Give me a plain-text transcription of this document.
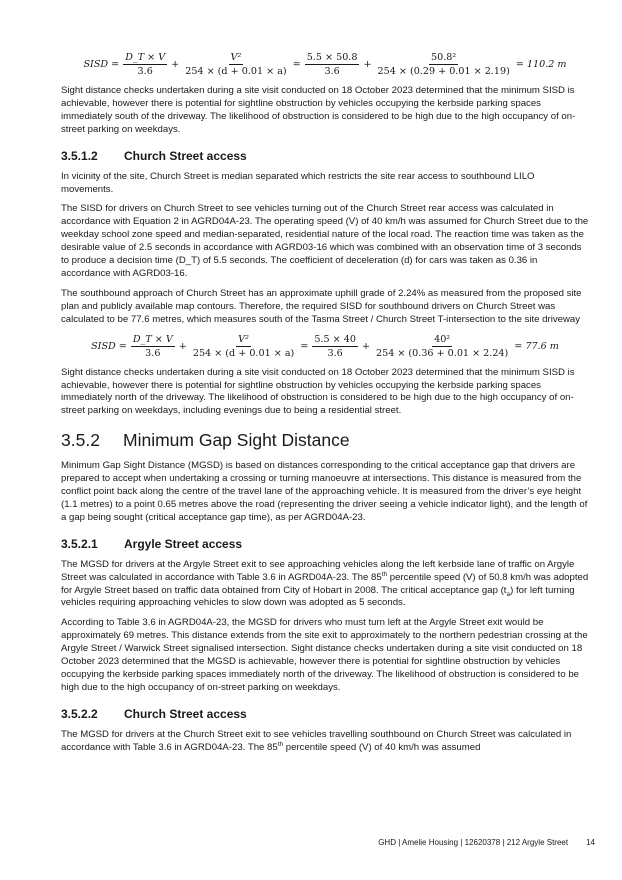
SISD = $\frac{D\_T \times V}{3.6} + \frac{\text{V²}}{254 \times (d + 0.01 \times a)} = \frac{5.5 \times 50.8}{3.6} + \frac{\text{50.8²}}{254 \times (0.29 + 0.01 \times 2.19)} = 110.2$ m

Sight distance checks undertaken during a site visit conducted on 18 October 2023 determined that the minimum SISD is achievable, however there is potential for sightline obstruction by vehicles occupying the kerbside parking spaces immediately south of the driveway. The likelihood of obstruction is considered to be high due to the high occupancy of on-street parking on weekdays.

3.5.1.2	Church Street access

In vicinity of the site, Church Street is median separated which restricts the site rear access to southbound LILO movements.

The SISD for drivers on Church Street to see vehicles turning out of the Church Street rear access was calculated in accordance with Equation 2 in AGRD04A-23. The operating speed (V) of 40 km/h was assumed for Church Street due to the weekday school zone speed and median-separated, residential nature of the local road. The reaction time was taken as the desirable value of 2.5 seconds in accordance with AGRD03-16 which was combined with an observation time of 3 seconds to produce a decision time (D_T) of 5.5 seconds. The coefficient of deceleration (d) for cars was taken as 0.36 in accordance with AGRD03-16.

The southbound approach of Church Street has an approximate uphill grade of 2.24% as measured from the proposed site plan and publicly available map contours. Therefore, the required SISD for southbound drivers on Church Street was calculated to be 77.6 metres, which measures south of the Tasma Street / Church Street T-intersection to the site driveway

SISD = $\frac{D\_T \times V}{3.6} + \frac{\text{V²}}{254 \times (d + 0.01 \times a)} = \frac{5.5 \times 40}{3.6} + \frac{\text{40²}}{254 \times (0.36 + 0.01 \times 2.24)} = 77.6$ m

Sight distance checks undertaken during a site visit conducted on 18 October 2023 determined that the minimum SISD is achievable, however there is potential for sightline obstruction by vehicles occupying the kerbside parking spaces immediately north of the driveway. The likelihood of obstruction is considered to be high due to the high occupancy of on-street parking on weekdays, including evenings due to being a residential street.

3.5.2	Minimum Gap Sight Distance

Minimum Gap Sight Distance (MGSD) is based on distances corresponding to the critical acceptance gap that drivers are prepared to accept when undertaking a crossing or turning manoeuvre at intersections. This distance is measured from the conflict point back along the centre of the travel lane of the approaching vehicle. It is measured from the driver’s eye height (1.1 metres) to a point 0.65 metres above the road (representing the driver seeing a vehicle indicator light), and the length of a gap being sought (critical acceptance gap time), as per AGRD04A-23.

3.5.2.1	Argyle Street access

The MGSD for drivers at the Argyle Street exit to see approaching vehicles along the left kerbside lane of traffic on Argyle Street was calculated in accordance with Table 3.6 in AGRD04A-23. The 85th percentile speed (V) of 50.8 km/h was adopted for Argyle Street based on traffic data obtained from City of Hobart in 2008. The critical acceptance gap $(t_a)$ for left turning vehicles requiring approaching vehicles to slow down was adopted as 5 seconds.

According to Table 3.6 in AGRD04A-23, the MGSD for drivers who must turn left at the Argyle Street exit would be approximately 69 metres. This distance extends from the site exit to approximately to the northern pedestrian crossing at the Argyle Street / Warwick Street signalised intersection. Sight distance checks undertaken during a site visit conducted on 18 October 2023 determined that the MGSD is achievable, however there is potential for sightline obstruction by vehicles occupying the kerbside parking spaces immediately north of the driveway. The likelihood of obstruction is considered to be high due to the high occupancy of on-street parking on weekdays.

3.5.2.2	Church Street access

The MGSD for drivers at the Church Street exit to see vehicles travelling southbound on Church Street was calculated in accordance with Table 3.6 in AGRD04A-23. The 85th percentile speed (V) of 40 km/h was assumed

GHD | Amelie Housing | 12620378 | 212 Argyle Street 14
